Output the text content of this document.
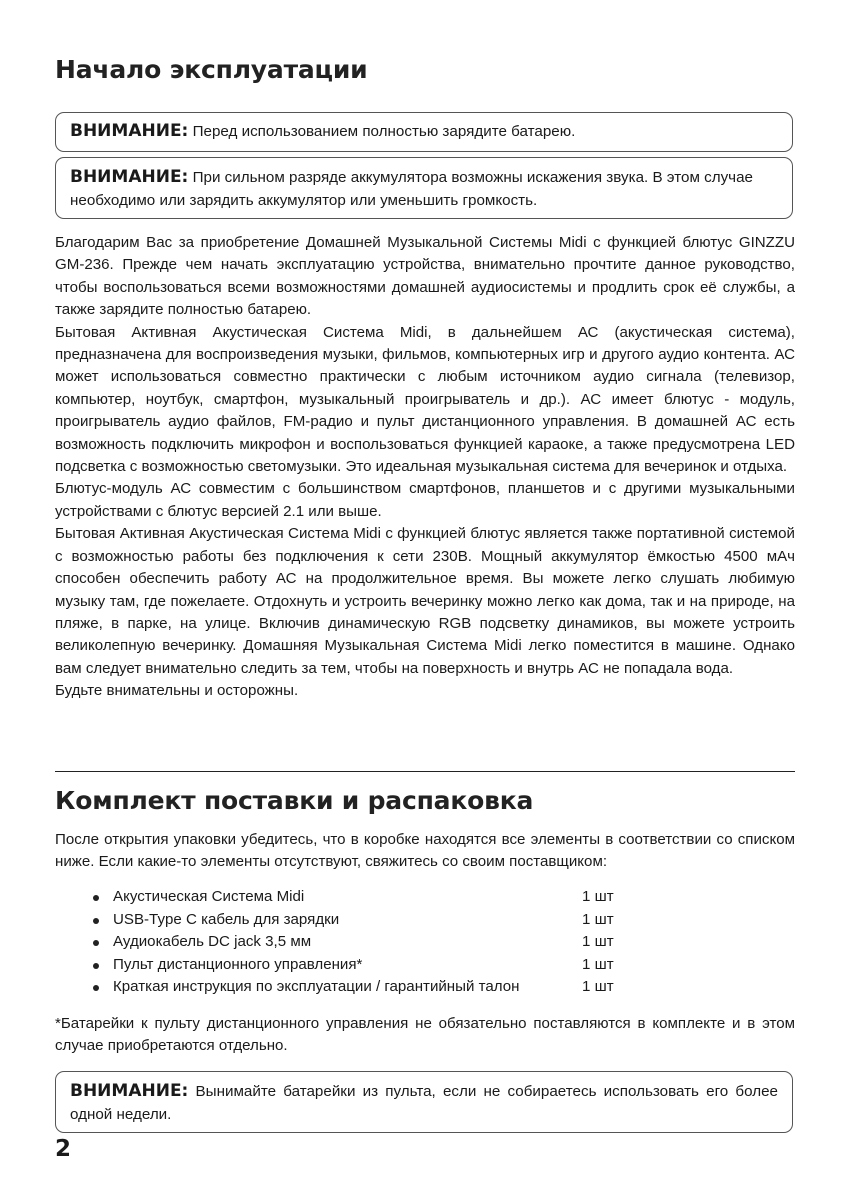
Начало эксплуатации
ВНИМАНИЕ: Перед использованием полностью зарядите батарею.
ВНИМАНИЕ: При сильном разряде аккумулятора возможны искажения звука. В этом случае необходимо или зарядить аккумулятор или уменьшить громкость.

Благодарим Вас за приобретение Домашней Музыкальной Системы Midi с функцией блютус GINZZU GM-236. Прежде чем начать эксплуатацию устройства, внимательно прочтите данное руководство, чтобы воспользоваться всеми возможностями домашней аудиосистемы и продлить срок её службы, а также зарядите полностью батарею.

Бытовая Активная Акустическая Система Midi, в дальнейшем АС (акустическая система), предназначена для воспроизведения музыки, фильмов, компьютерных игр и другого аудио контента. АС может использоваться совместно практически с любым источником аудио сигнала (телевизор, компьютер, ноутбук, смартфон, музыкальный проигрыватель и др.). АС имеет блютус - модуль, проигрыватель аудио файлов, FM-радио и пульт дистанционного управления. В домашней АС есть возможность подключить микрофон и воспользоваться функцией караоке, а также предусмотрена LED подсветка с возможностью светомузыки. Это идеальная музыкальная система для вечеринок и отдыха.

Блютус-модуль АС совместим с большинством смартфонов, планшетов и с другими музыкальными устройствами с блютус версией 2.1 или выше.

Бытовая Активная Акустическая Система Midi с функцией блютус является также портативной системой с возможностью работы без подключения к сети 230В. Мощный аккумулятор ёмкостью 4500 мАч способен обеспечить работу АС на продолжительное время. Вы можете легко слушать любимую музыку там, где пожелаете. Отдохнуть и устроить вечеринку можно легко как дома, так и на природе, на пляже, в парке, на улице. Включив динамическую RGB подсветку динамиков, вы можете устроить великолепную вечеринку. Домашняя Музыкальная Система Midi легко поместится в машине. Однако вам следует внимательно следить за тем, чтобы на поверхность и внутрь АС не попадала вода.

Будьте внимательны и осторожны.

Комплект поставки и распаковка

После открытия упаковки убедитесь, что в коробке находятся все элементы в соответствии со списком ниже. Если какие-то элементы отсутствуют, свяжитесь со своим поставщиком:

Акустическая Система Midi	1 шт
USB-Type C кабель для зарядки	1 шт
Аудиокабель DC jack 3,5 мм	1 шт
Пульт дистанционного управления*	1 шт
Краткая инструкция по эксплуатации / гарантийный талон	1 шт

*Батарейки к пульту дистанционного управления не обязательно поставляются в комплекте и в этом случае приобретаются отдельно.

ВНИМАНИЕ: Вынимайте батарейки из пульта, если не собираетесь использовать его более одной недели.
2
